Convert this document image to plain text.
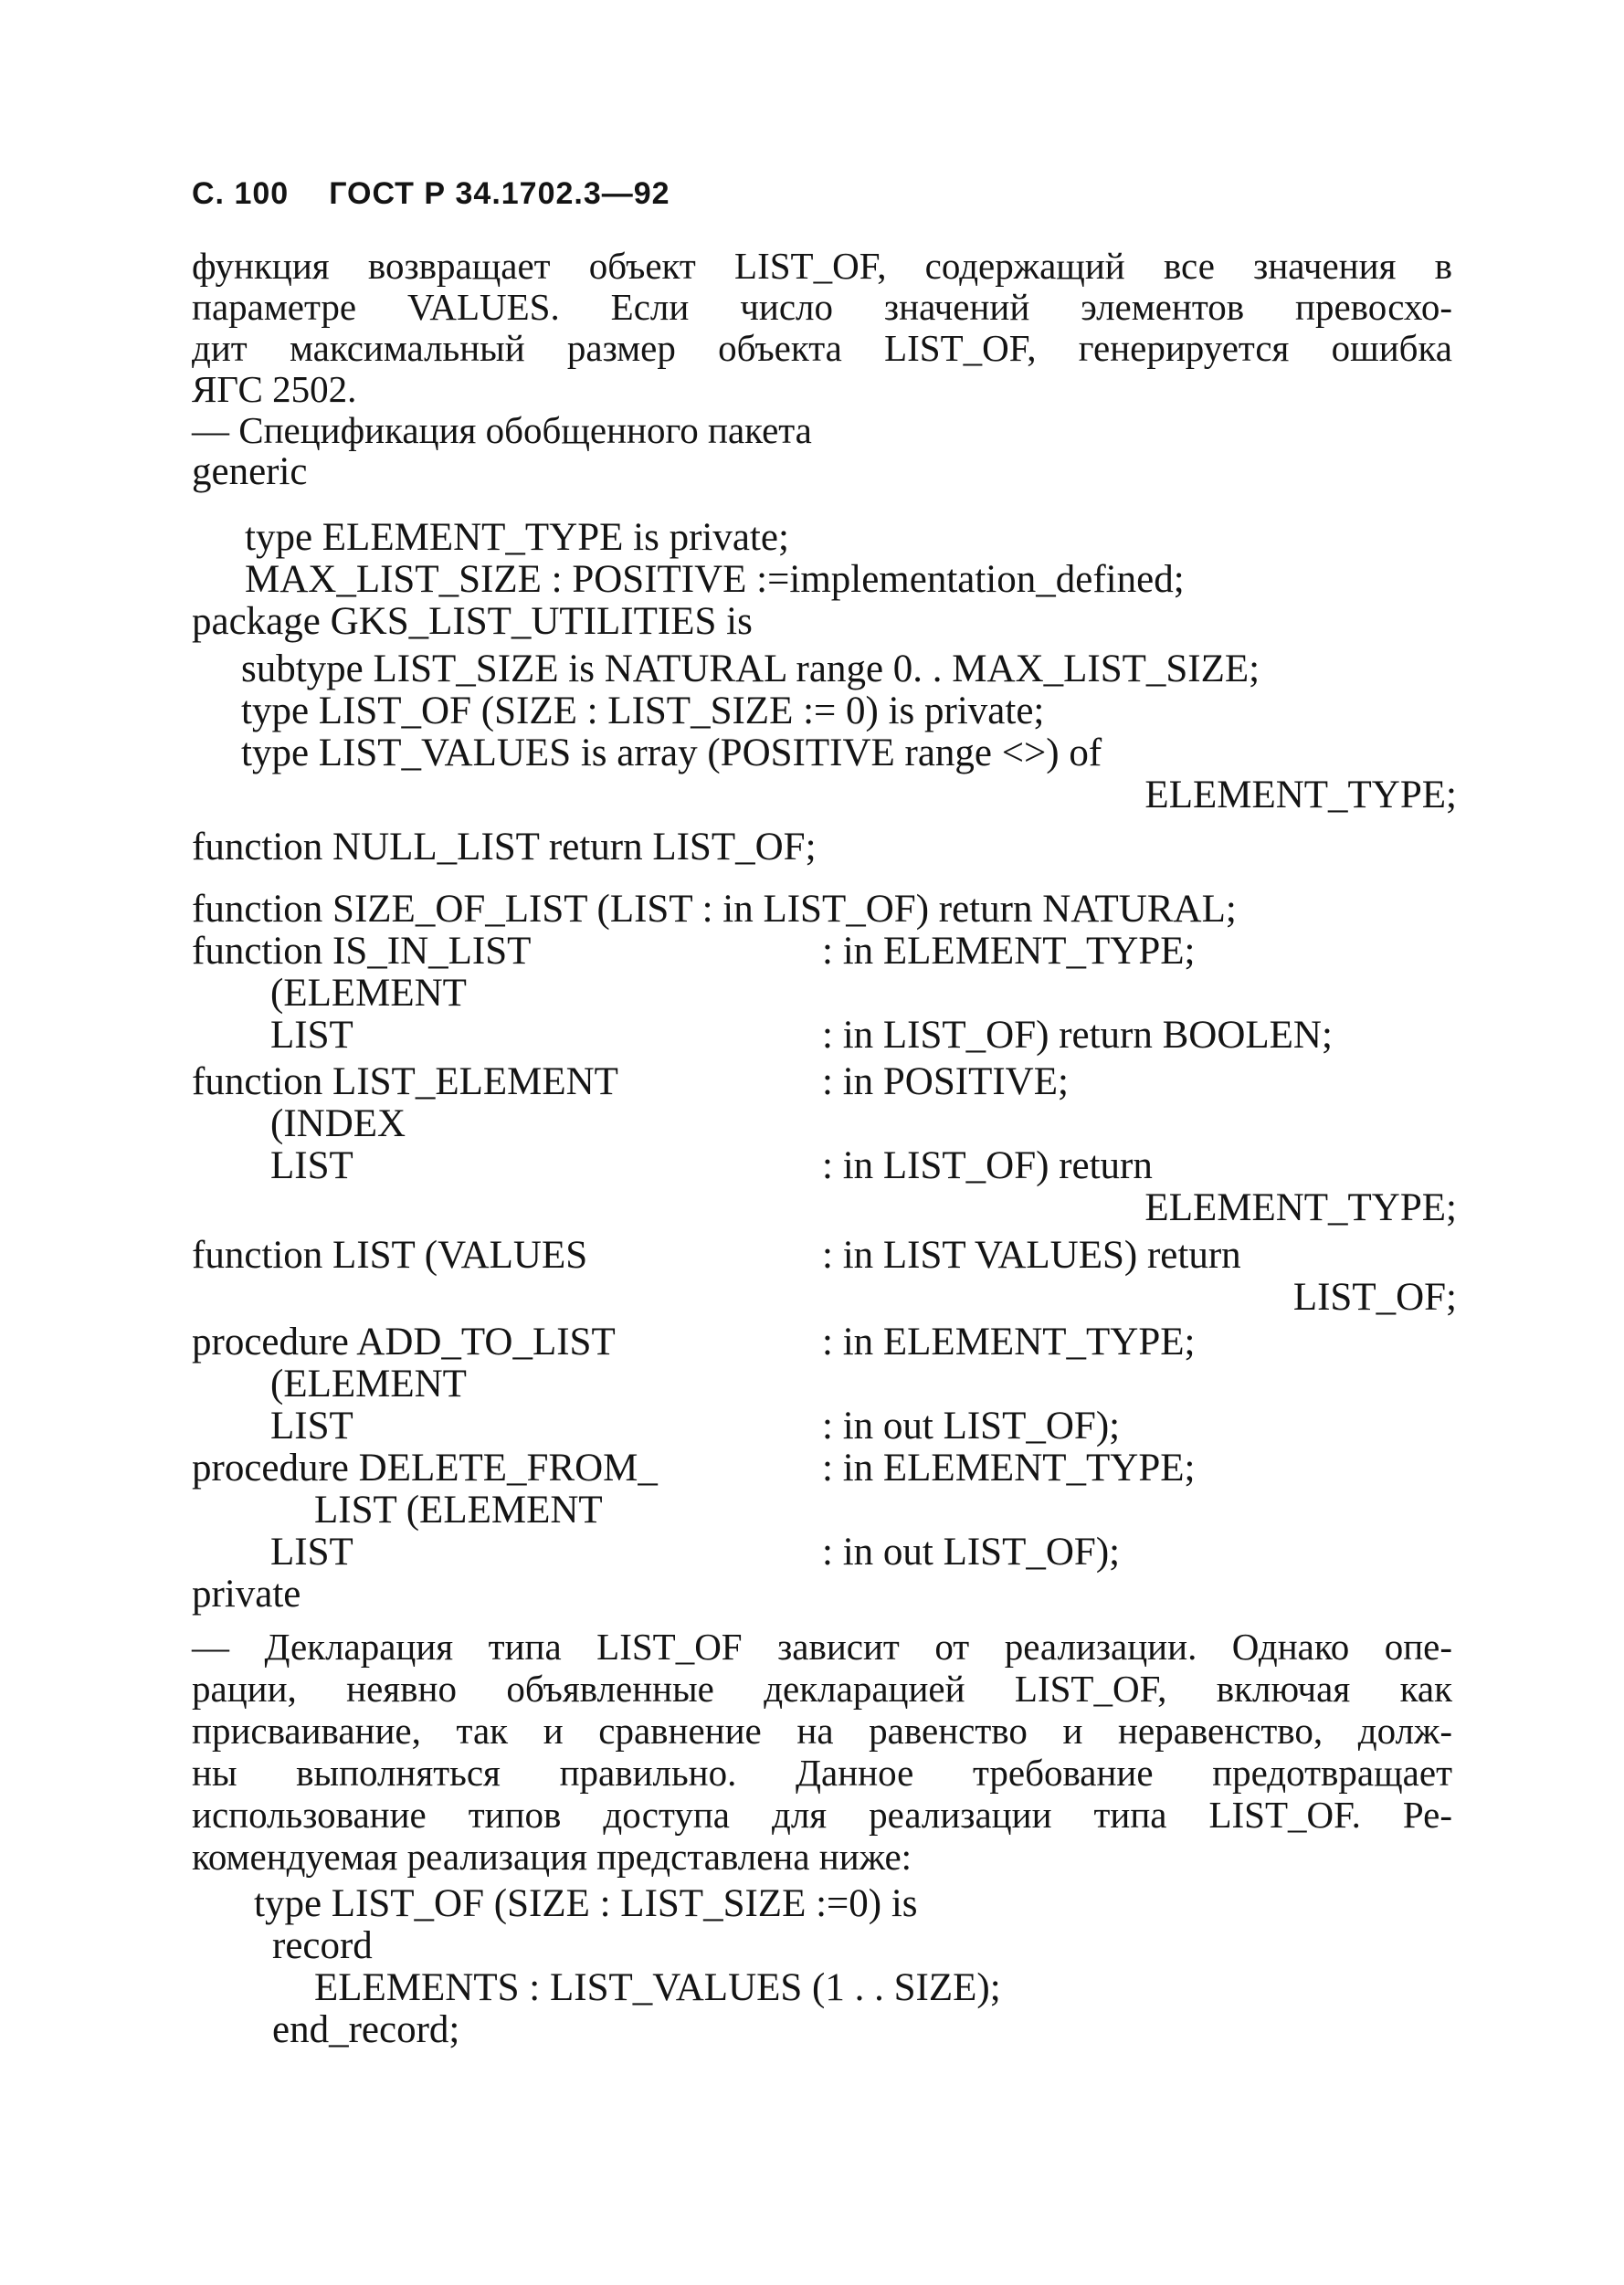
С. 100 ГОСТ Р 34.1702.3—92
функция возвращает объект LIST_OF, содержащий все значения в
параметре VALUES. Если число значений элементов превосхо-
дит максимальный размер объекта LIST_OF, генерируется ошибка
ЯГС 2502.
— Спецификация обобщенного пакета
generic
type ELEMENT_TYPE is private;
MAX_LIST_SIZE : POSITIVE :=implementation_defined;
package GKS_LIST_UTILITIES is
subtype LIST_SIZE is NATURAL range 0. . MAX_LIST_SIZE;
type LIST_OF (SIZE : LIST_SIZE := 0) is private;
type LIST_VALUES is array (POSITIVE range <>) of
ELEMENT_TYPE;
function NULL_LIST return LIST_OF;
function SIZE_OF_LIST (LIST : in LIST_OF) return NATURAL;
function IS_IN_LIST	: in ELEMENT_TYPE;
(ELEMENT
LIST	: in LIST_OF) return BOOLEN;
function LIST_ELEMENT	: in POSITIVE;
(INDEX
LIST	: in LIST_OF) return
ELEMENT_TYPE;
function LIST (VALUES	: in LIST VALUES) return
LIST_OF;
procedure ADD_TO_LIST	: in ELEMENT_TYPE;
(ELEMENT
LIST	: in out LIST_OF);
procedure DELETE_FROM_	: in ELEMENT_TYPE;
LIST (ELEMENT
LIST	: in out LIST_OF);
private
— Декларация типа LIST_OF зависит от реализации. Однако опе-
рации, неявно объявленные декларацией LIST_OF, включая как
присваивание, так и сравнение на равенство и неравенство, долж-
ны выполняться правильно. Данное требование предотвращает
использование типов доступа для реализации типа LIST_OF. Ре-
комендуемая реализация представлена ниже:
type LIST_OF (SIZE : LIST_SIZE :=0) is
record
ELEMENTS : LIST_VALUES (1 . . SIZE);
end_record;
